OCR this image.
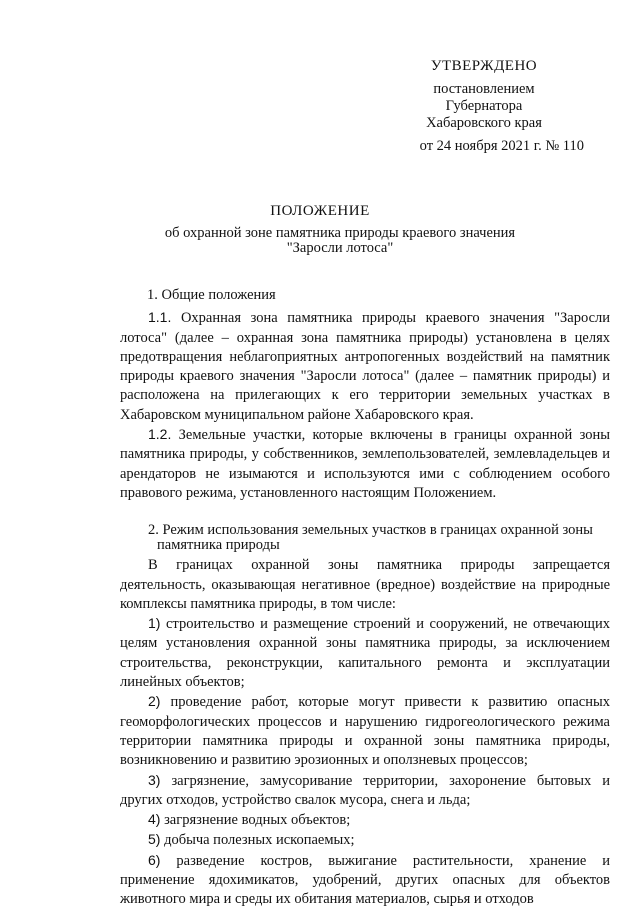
УТВЕРЖДЕНО
постановлением
Губернатора
Хабаровского края
от 24 ноября 2021 г. № 110
ПОЛОЖЕНИЕ
об охранной зоне памятника природы краевого значения
"Заросли лотоса"

1. Общие положения

1.1. Охранная зона памятника природы краевого значения "Заросли лотоса" (далее – охранная зона памятника природы) установлена в целях предотвращения неблагоприятных антропогенных воздействий на памятник природы краевого значения "Заросли лотоса" (далее – памятник природы) и расположена на прилегающих к его территории земельных участках в Хабаровском муниципальном районе Хабаровского края.

1.2. Земельные участки, которые включены в границы охранной зоны памятника природы, у собственников, землепользователей, землевладельцев и арендаторов не изымаются и используются ими с соблюдением особого правового режима, установленного настоящим Положением.

2. Режим использования земельных участков в границах охранной зоны
памятника природы

В границах охранной зоны памятника природы запрещается деятельность, оказывающая негативное (вредное) воздействие на природные комплексы памятника природы, в том числе:

1) строительство и размещение строений и сооружений, не отвечающих целям установления охранной зоны памятника природы, за исключением строительства, реконструкции, капитального ремонта и эксплуатации линейных объектов;

2) проведение работ, которые могут привести к развитию опасных геоморфологических процессов и нарушению гидрогеологического режима территории памятника природы и охранной зоны памятника природы, возникновению и развитию эрозионных и оползневых процессов;

3) загрязнение, замусоривание территории, захоронение бытовых и других отходов, устройство свалок мусора, снега и льда;

4) загрязнение водных объектов;

5) добыча полезных ископаемых;

6) разведение костров, выжигание растительности, хранение и применение ядохимикатов, удобрений, других опасных для объектов животного мира и среды их обитания материалов, сырья и отходов
